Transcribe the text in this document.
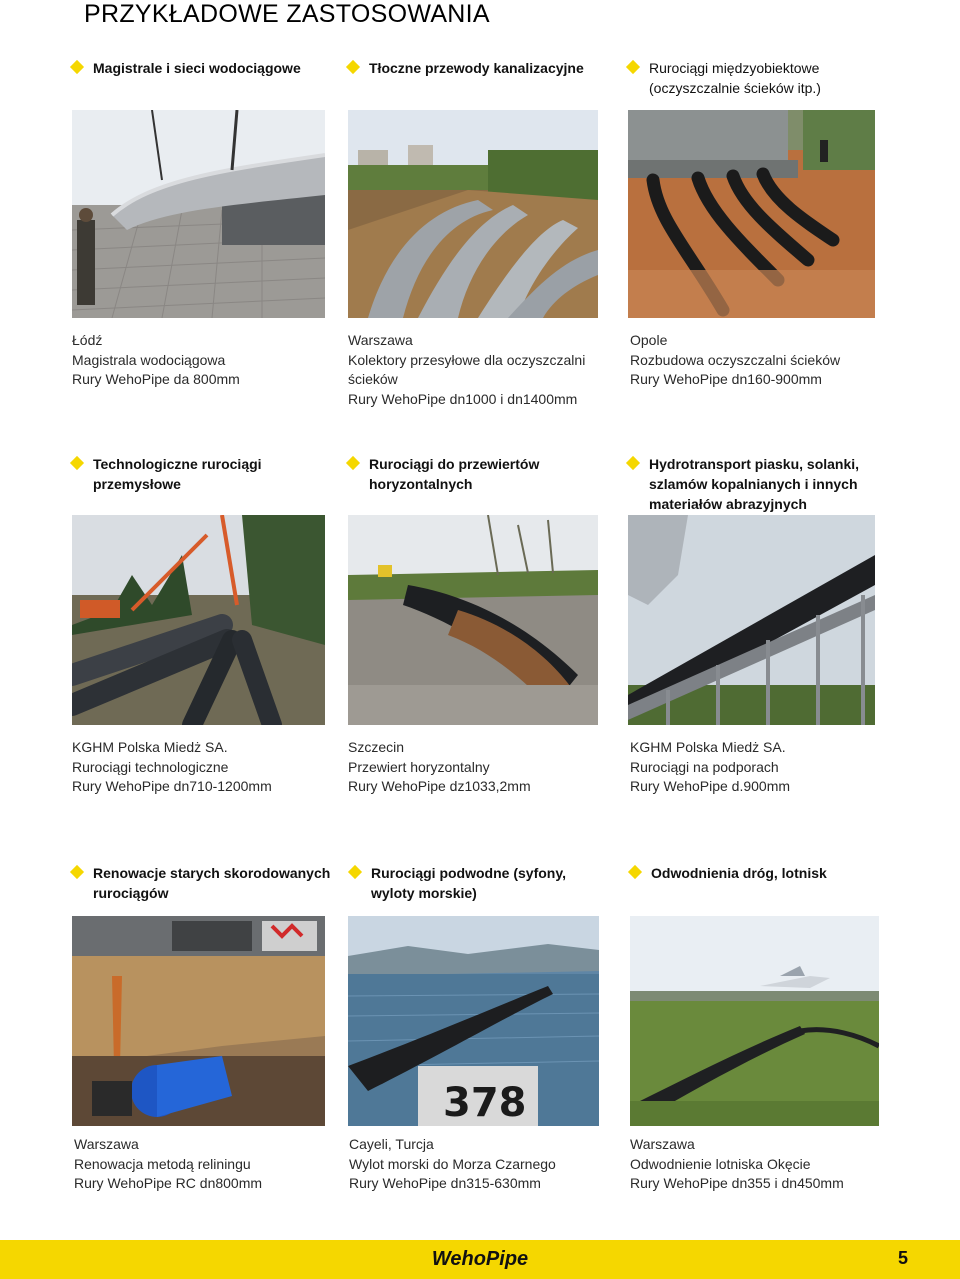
PRZYKŁADOWE ZASTOSOWANIA
Magistrale i sieci wodociągowe	Tłoczne przewody kanalizacyjne	Rurociągi międzyobiektowe
(oczyszczalnie ścieków itp.)
Łódź
Magistrala wodociągowa
Rury WehoPipe da 800mm
Warszawa
Kolektory przesyłowe dla oczyszczalni
ścieków
Rury WehoPipe dn1000 i dn1400mm
Opole
Rozbudowa oczyszczalni ścieków
Rury WehoPipe dn160-900mm
Technologiczne rurociągi
przemysłowe
Rurociągi do przewiertów
horyzontalnych
Hydrotransport piasku, solanki,
szlamów kopalnianych i innych
materiałów abrazyjnych
KGHM Polska Miedż SA.
Rurociągi technologiczne
Rury WehoPipe dn710-1200mm
Szczecin
Przewiert horyzontalny
Rury WehoPipe dz1033,2mm
KGHM Polska Miedż SA.
Rurociągi na podporach
Rury WehoPipe d.900mm
Renowacje starych skorodowanych
rurociągów
Rurociągi podwodne (syfony,
wyloty morskie)
Odwodnienia dróg, lotnisk
378
Warszawa
Renowacja metodą reliningu
Rury WehoPipe RC dn800mm
Cayeli, Turcja
Wylot morski do Morza Czarnego
Rury WehoPipe dn315-630mm
Warszawa
Odwodnienie lotniska Okęcie
Rury WehoPipe dn355 i dn450mm
WehoPipe	5
